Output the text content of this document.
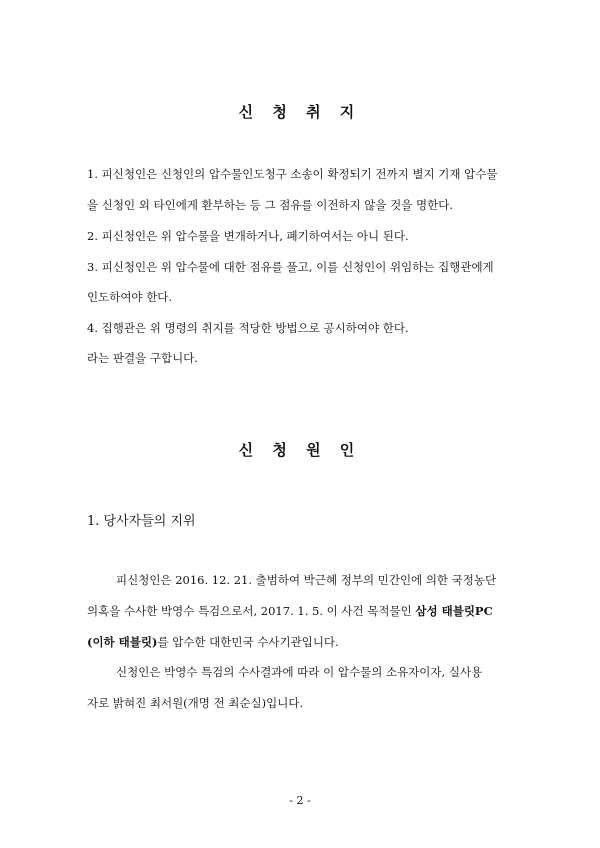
신 청 취 지
1. 피신청인은 신청인의 압수물인도청구 소송이 확정되기 전까지 별지 기재 압수물
을 신청인 외 타인에게 환부하는 등 그 점유를 이전하지 않을 것을 명한다.
2. 피신청인은 위 압수물을 변개하거나, 폐기하여서는 아니 된다.
3. 피신청인은 위 압수물에 대한 점유를 풀고, 이를 신청인이 위임하는 집행관에게
인도하여야 한다.
4. 집행관은 위 명령의 취지를 적당한 방법으로 공시하여야 한다.
라는 판결을 구합니다.
신 청 원 인
1. 당사자들의 지위
피신청인은 2016. 12. 21. 출범하여 박근혜 정부의 민간인에 의한 국정농단
의혹을 수사한 박영수 특검으로서, 2017. 1. 5. 이 사건 목적물인 삼성 태블릿PC
(이하 태블릿)를 압수한 대한민국 수사기관입니다.
신청인은 박영수 특검의 수사결과에 따라 이 압수물의 소유자이자, 실사용
자로 밝혀진 최서원(개명 전 최순실)입니다.
- 2 -
